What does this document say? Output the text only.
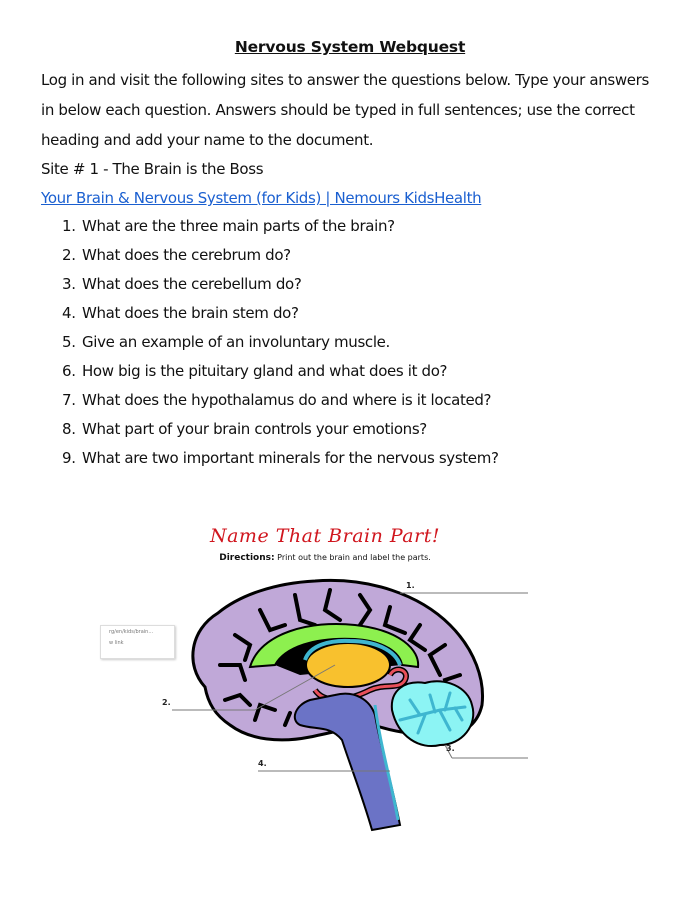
Nervous System Webquest
Log in and visit the following sites to answer the questions below. Type your answers
in below each question. Answers should be typed in full sentences; use the correct
heading and add your name to the document.
Site # 1 - The Brain is the Boss
Your Brain & Nervous System (for Kids) | Nemours KidsHealth
1. What are the three main parts of the brain?
2. What does the cerebrum do?
3. What does the cerebellum do?
4. What does the brain stem do?
5. Give an example of an involuntary muscle.
6. How big is the pituitary gland and what does it do?
7. What does the hypothalamus do and where is it located?
8. What part of your brain controls your emotions?
9. What are two important minerals for the nervous system?
Name That Brain Part!
Directions: Print out the brain and label the parts.
rg/en/kids/brain...
w link
1.
2.
3.
4.
